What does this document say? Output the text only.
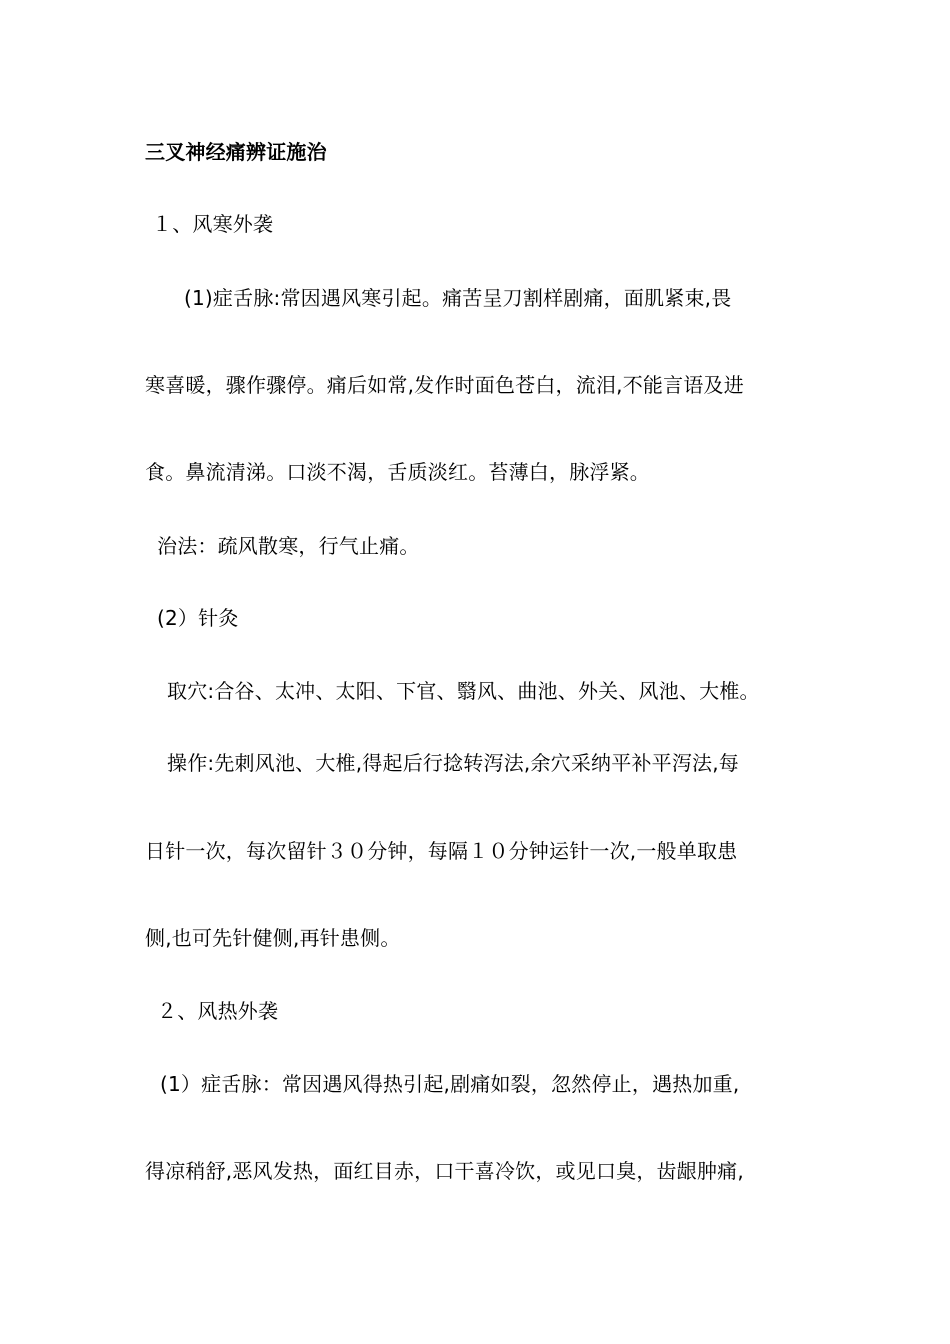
三叉神经痛辨证施治
１、风寒外袭
(1)症舌脉:常因遇风寒引起。痛苦呈刀割样剧痛，面肌紧束,畏
寒喜暖，骤作骤停。痛后如常,发作时面色苍白，流泪,不能言语及进
食。鼻流清涕。口淡不渴，舌质淡红。苔薄白，脉浮紧。
治法：疏风散寒，行气止痛。
(2）针灸
取穴:合谷、太冲、太阳、下官、翳风、曲池、外关、风池、大椎。
操作:先刺风池、大椎,得起后行捻转泻法,余穴采纳平补平泻法,每
日针一次，每次留针３０分钟，每隔１０分钟运针一次,一般单取患
侧,也可先针健侧,再针患侧。
２、风热外袭
(1）症舌脉：常因遇风得热引起,剧痛如裂，忽然停止，遇热加重,
得凉稍舒,恶风发热，面红目赤，口干喜冷饮，或见口臭，齿龈肿痛,
